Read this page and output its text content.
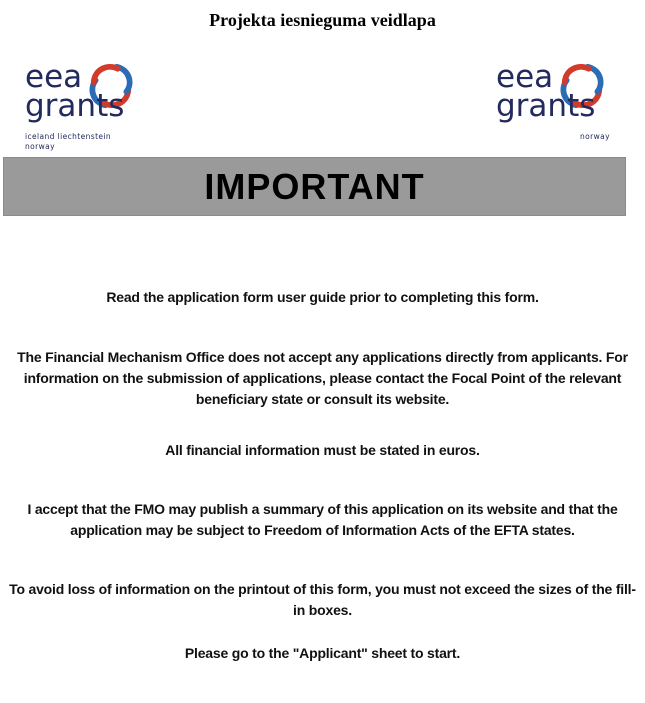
Projekta iesnieguma veidlapa
eea
grants
iceland liechtenstein norway
eea
grants
norway
IMPORTANT

Read the application form user guide prior to completing this form.

The Financial Mechanism Office does not accept any applications directly from applicants. For information on the submission of applications, please contact the Focal Point of the relevant beneficiary state or consult its website.

All financial information must be stated in euros.

I accept that the FMO may publish a summary of this application on its website and that the application may be subject to Freedom of Information Acts of the EFTA states.

To avoid loss of information on the printout of this form, you must not exceed the sizes of the fill-in boxes.

Please go to the "Applicant" sheet to start.
